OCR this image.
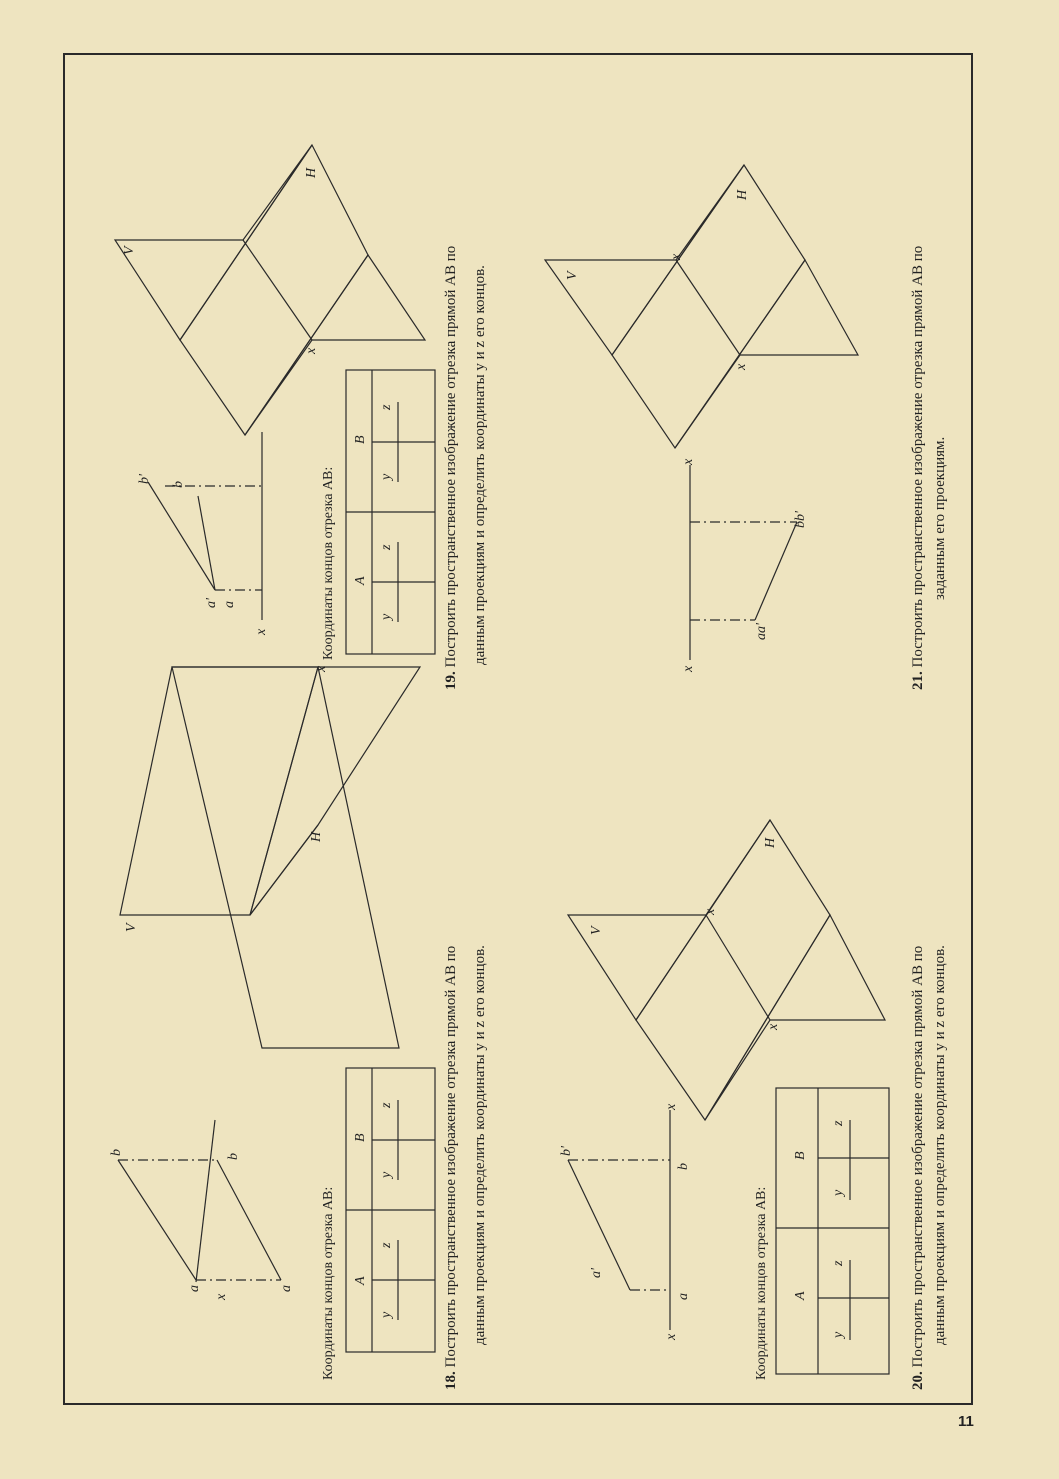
18. Построить пространственное изображение отрезка прямой AB по данным проекциям и определить координаты y и z его концов.
19. Построить пространственное изображение отрезка прямой AB по данным проекциям и определить координаты y и z его концов.
20. Построить пространственное изображение отрезка прямой AB по данным проекциям и определить координаты y и z его концов.
21. Построить пространственное изображение отрезка прямой AB по заданным его проекциям.
Координаты концов отрезка AB:
Координаты концов отрезка AB:
Координаты концов отрезка AB:
A
B
y
z
y
z
A
B
y
z
y
z
A
B
y
z
y
z
V
H
x
x
a	a
b
b
V
H
x
x
a' a
b'
b
V
H
x
x
x
x
a'
a
b'
b
V
H
x
x
x
x
aa'
bb'
11
